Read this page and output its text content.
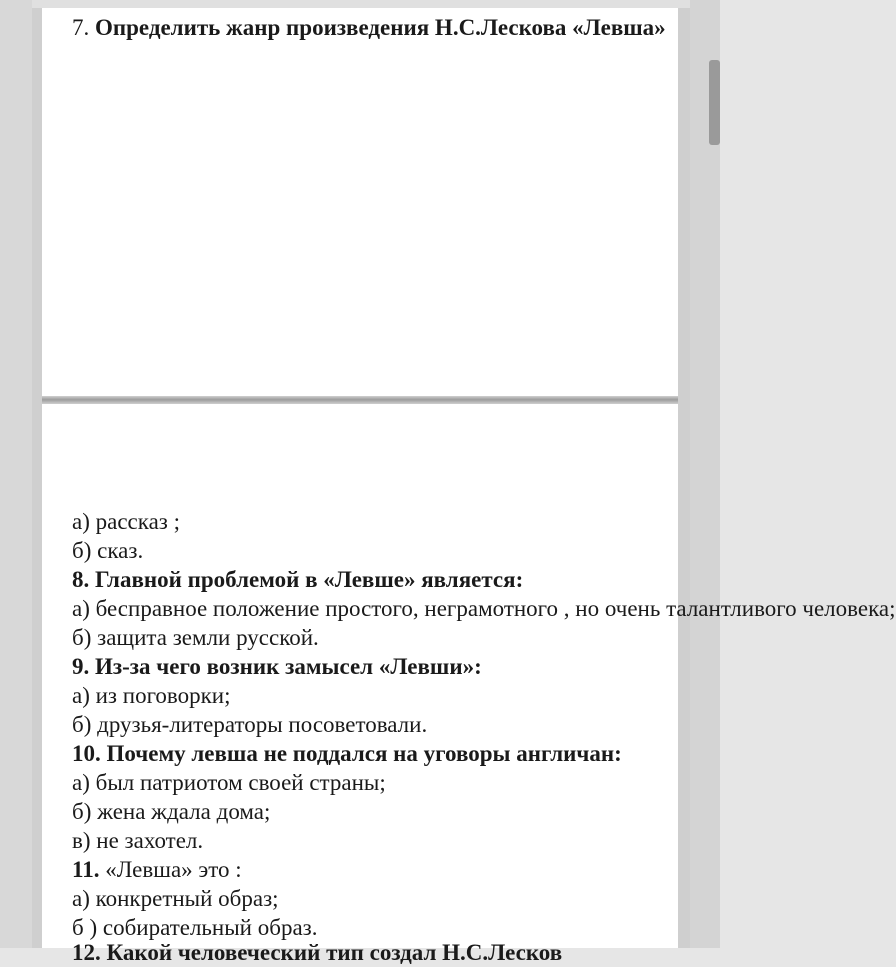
7. Определить жанр произведения Н.С.Лескова «Левша»
а) рассказ ;
б) сказ.
8. Главной проблемой в «Левше» является:
а) бесправное положение простого, неграмотного , но очень талантливого человека;
б) защита земли русской.
9. Из-за чего возник замысел «Левши»:
а) из поговорки;
б) друзья-литераторы посоветовали.
10. Почему левша не поддался на уговоры англичан:
а) был патриотом своей страны;
б) жена ждала дома;
в) не захотел.
11. «Левша» это :
а) конкретный образ;
б ) собирательный образ.
12. Какой человеческий тип создал Н.С.Лесков
